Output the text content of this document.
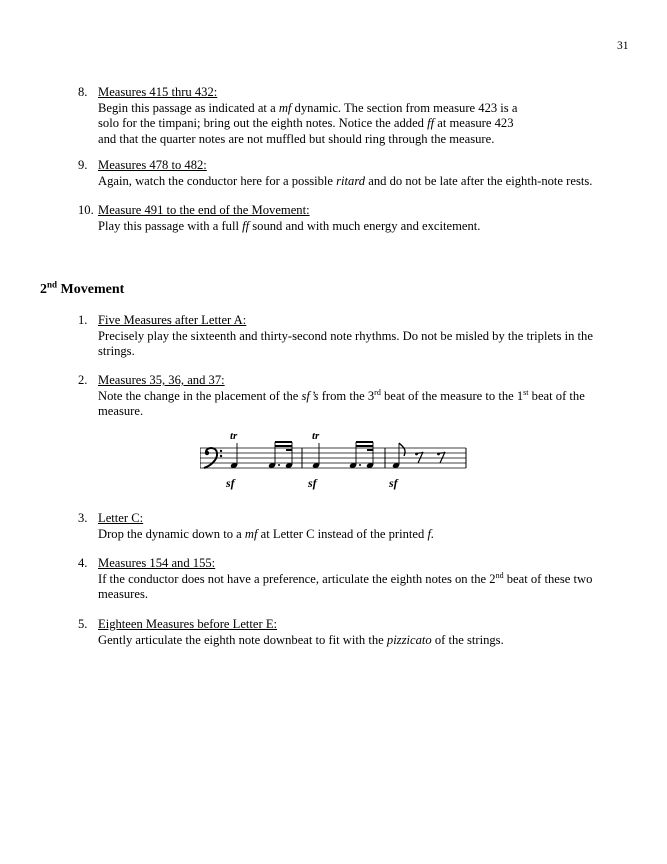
31
8. Measures 415 thru 432:
Begin this passage as indicated at a mf dynamic. The section from measure 423 is a
solo for the timpani; bring out the eighth notes. Notice the added ff at measure 423
and that the quarter notes are not muffled but should ring through the measure.
9. Measures 478 to 482:
Again, watch the conductor here for a possible ritard and do not be late after the eighth-note rests.
10. Measure 491 to the end of the Movement:
Play this passage with a full ff sound and with much energy and excitement.
2nd Movement
1. Five Measures after Letter A:
Precisely play the sixteenth and thirty-second note rhythms. Do not be misled by the triplets in the
strings.
2. Measures 35, 36, and 37:
Note the change in the placement of the sf’s from the 3rd beat of the measure to the 1st beat of the
measure.
tr
sf
tr
sf	sf
3. Letter C:
Drop the dynamic down to a mf at Letter C instead of the printed f.
4. Measures 154 and 155:
If the conductor does not have a preference, articulate the eighth notes on the 2nd beat of these two
measures.
5. Eighteen Measures before Letter E:
Gently articulate the eighth note downbeat to fit with the pizzicato of the strings.
